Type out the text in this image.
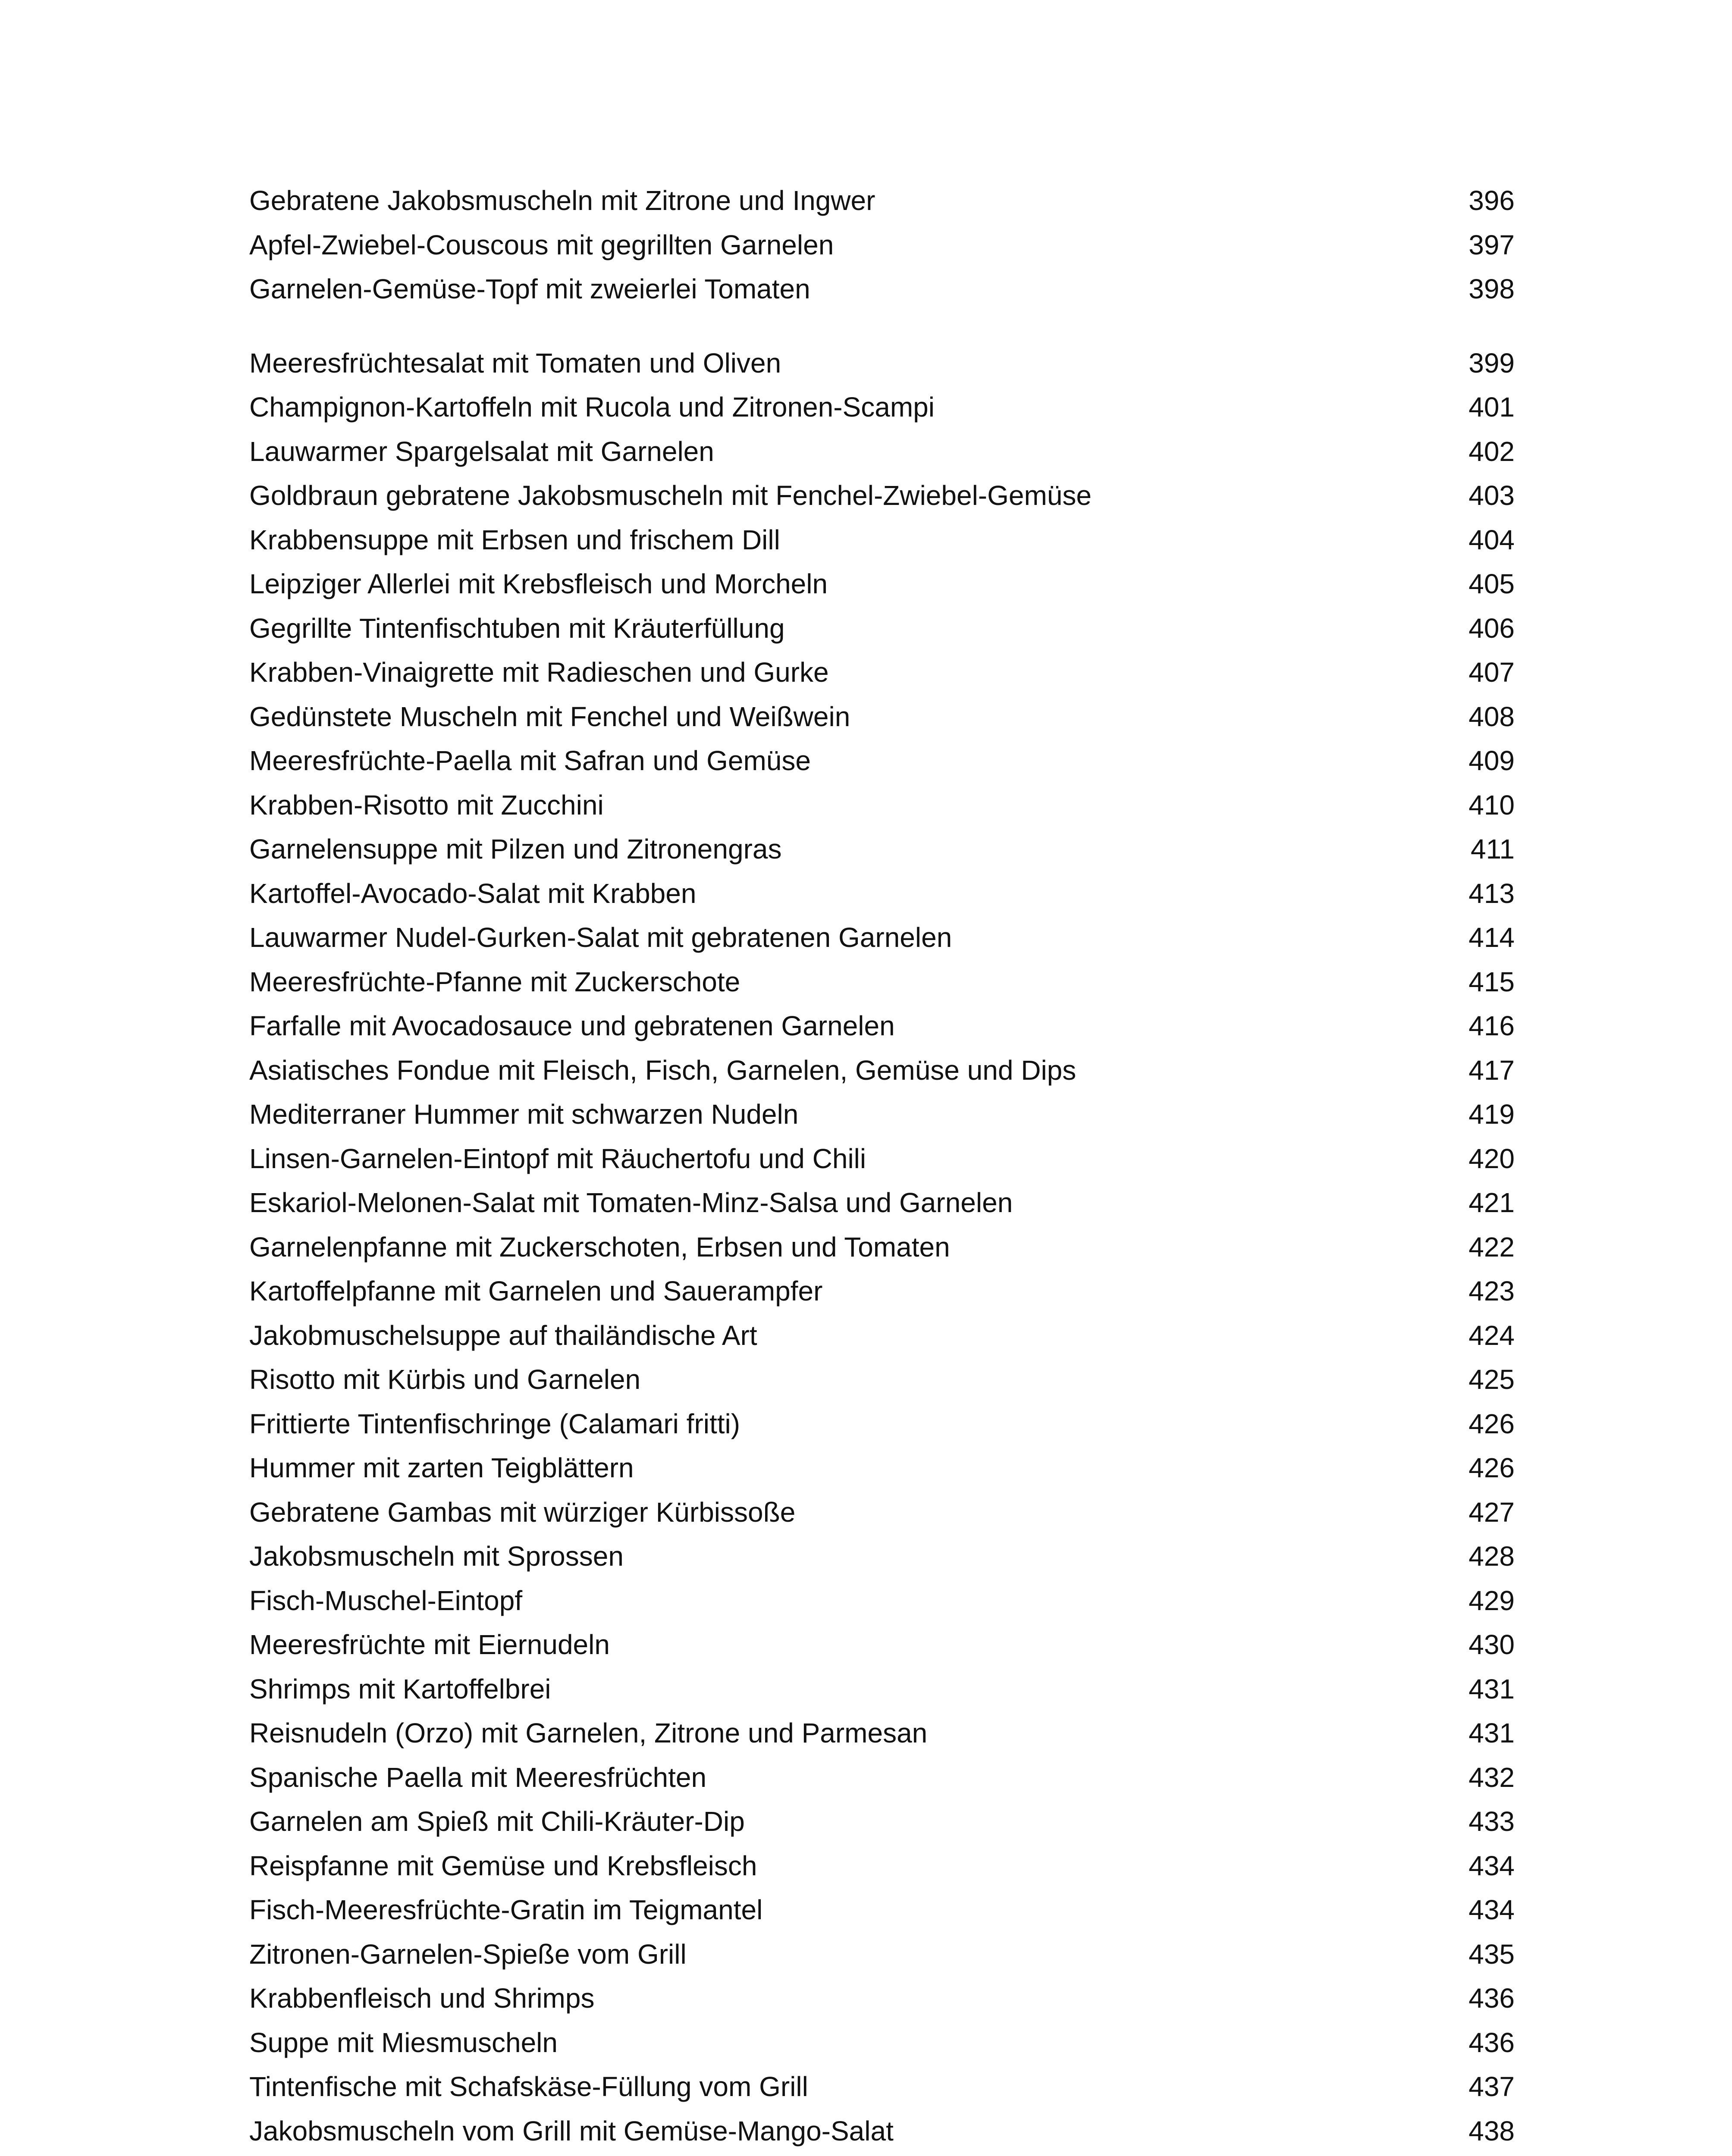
Gebratene Jakobsmuscheln mit Zitrone und Ingwer	396
Apfel-Zwiebel-Couscous mit gegrillten Garnelen	397
Garnelen-Gemüse-Topf mit zweierlei Tomaten	398
Meeresfrüchtesalat mit Tomaten und Oliven	399
Champignon-Kartoffeln mit Rucola und Zitronen-Scampi	401
Lauwarmer Spargelsalat mit Garnelen	402
Goldbraun gebratene Jakobsmuscheln mit Fenchel-Zwiebel-Gemüse	403
Krabbensuppe mit Erbsen und frischem Dill	404
Leipziger Allerlei mit Krebsfleisch und Morcheln	405
Gegrillte Tintenfischtuben mit Kräuterfüllung	406
Krabben-Vinaigrette mit Radieschen und Gurke	407
Gedünstete Muscheln mit Fenchel und Weißwein	408
Meeresfrüchte-Paella mit Safran und Gemüse	409
Krabben-Risotto mit Zucchini	410
Garnelensuppe mit Pilzen und Zitronengras	411
Kartoffel-Avocado-Salat mit Krabben	413
Lauwarmer Nudel-Gurken-Salat mit gebratenen Garnelen	414
Meeresfrüchte-Pfanne mit Zuckerschote	415
Farfalle mit Avocadosauce und gebratenen Garnelen	416
Asiatisches Fondue mit Fleisch, Fisch, Garnelen, Gemüse und Dips	417
Mediterraner Hummer mit schwarzen Nudeln	419
Linsen-Garnelen-Eintopf mit Räuchertofu und Chili	420
Eskariol-Melonen-Salat mit Tomaten-Minz-Salsa und Garnelen	421
Garnelenpfanne mit Zuckerschoten, Erbsen und Tomaten	422
Kartoffelpfanne mit Garnelen und Sauerampfer	423
Jakobmuschelsuppe auf thailändische Art	424
Risotto mit Kürbis und Garnelen	425
Frittierte Tintenfischringe (Calamari fritti)	426
Hummer mit zarten Teigblättern	426
Gebratene Gambas mit würziger Kürbissoße	427
Jakobsmuscheln mit Sprossen	428
Fisch-Muschel-Eintopf	429
Meeresfrüchte mit Eiernudeln	430
Shrimps mit Kartoffelbrei	431
Reisnudeln (Orzo) mit Garnelen, Zitrone und Parmesan	431
Spanische Paella mit Meeresfrüchten	432
Garnelen am Spieß mit Chili-Kräuter-Dip	433
Reispfanne mit Gemüse und Krebsfleisch	434
Fisch-Meeresfrüchte-Gratin im Teigmantel	434
Zitronen-Garnelen-Spieße vom Grill	435
Krabbenfleisch und Shrimps	436
Suppe mit Miesmuscheln	436
Tintenfische mit Schafskäse-Füllung vom Grill	437
Jakobsmuscheln vom Grill mit Gemüse-Mango-Salat	438
